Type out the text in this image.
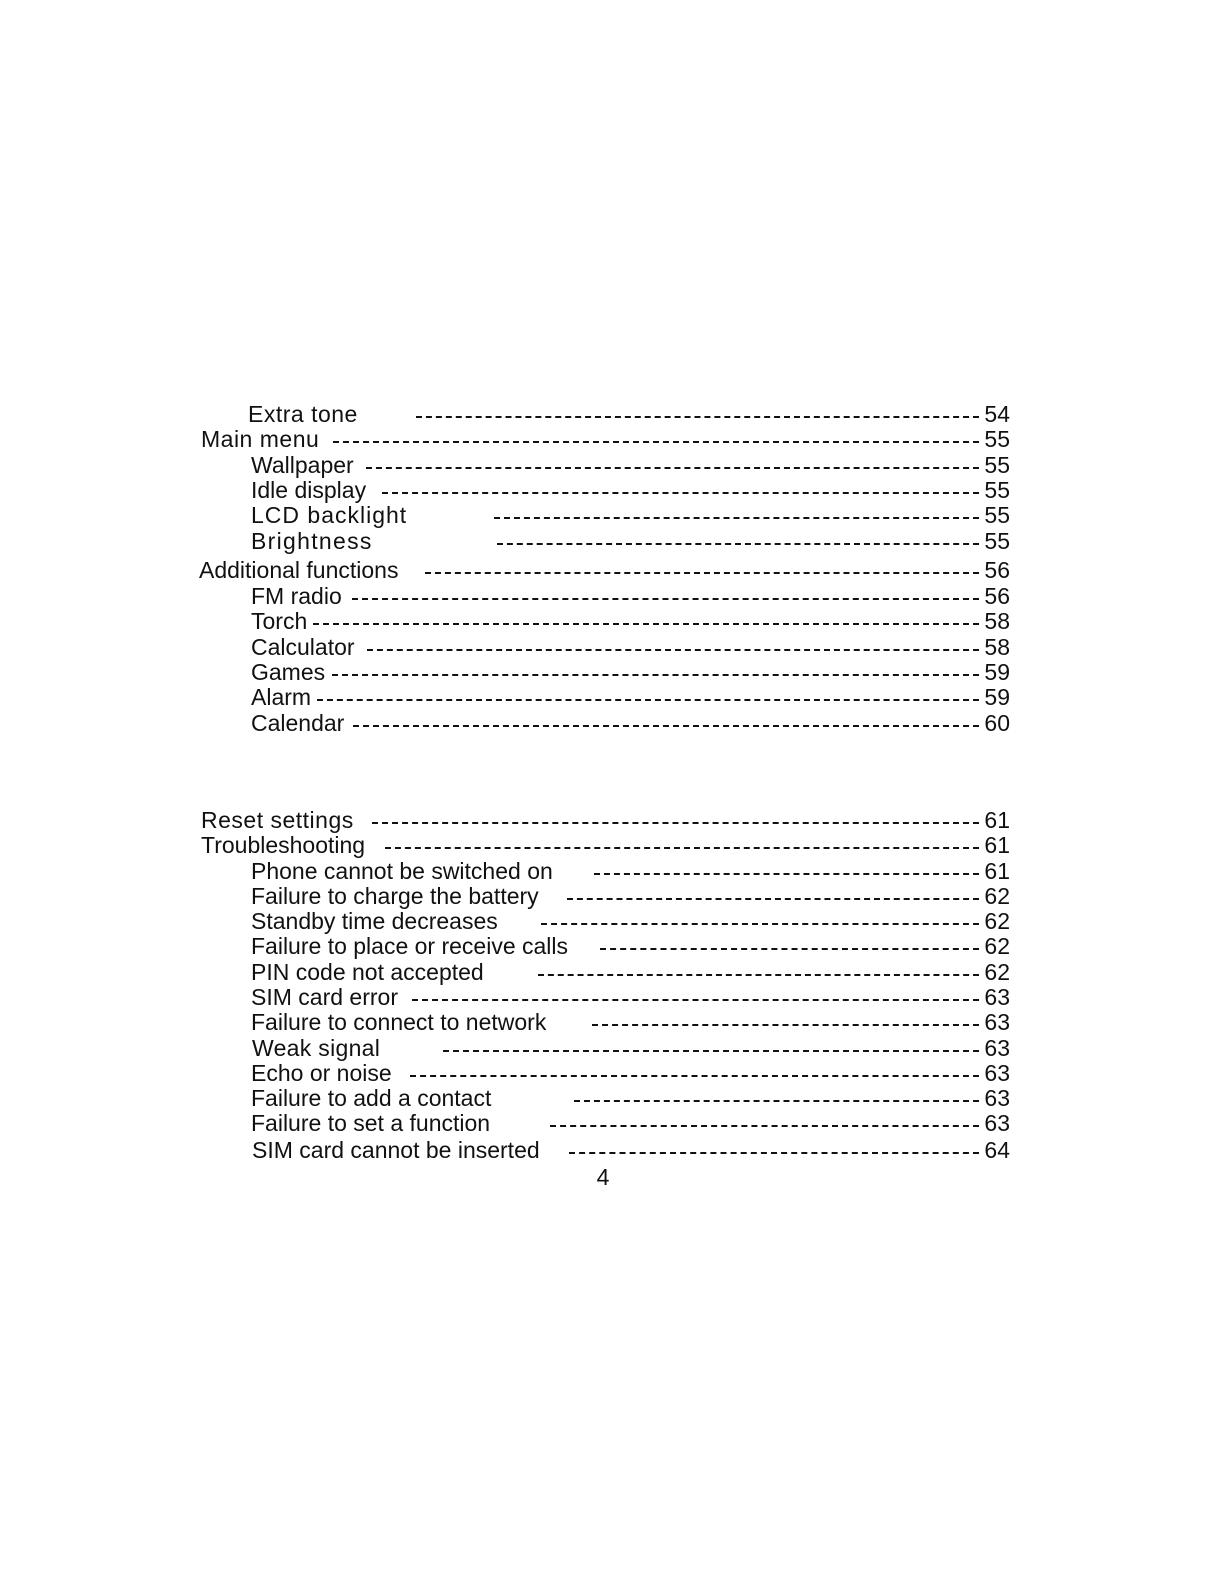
Extra tone	54
Main menu	55
Wallpaper	55
Idle display	55
LCD backlight	55
Brightness	55
Additional functions	56
FM radio	56
Torch	58
Calculator	58
Games	59
Alarm	59
Calendar	60
Reset settings	61
Troubleshooting	61
Phone cannot be switched on	61
Failure to charge the battery	62
Standby time decreases	62
Failure to place or receive calls	62
PIN code not accepted	62
SIM card error	63
Failure to connect to network	63
Weak signal	63
Echo or noise	63
Failure to add a contact	63
Failure to set a function	63
SIM card cannot be inserted	64
4
